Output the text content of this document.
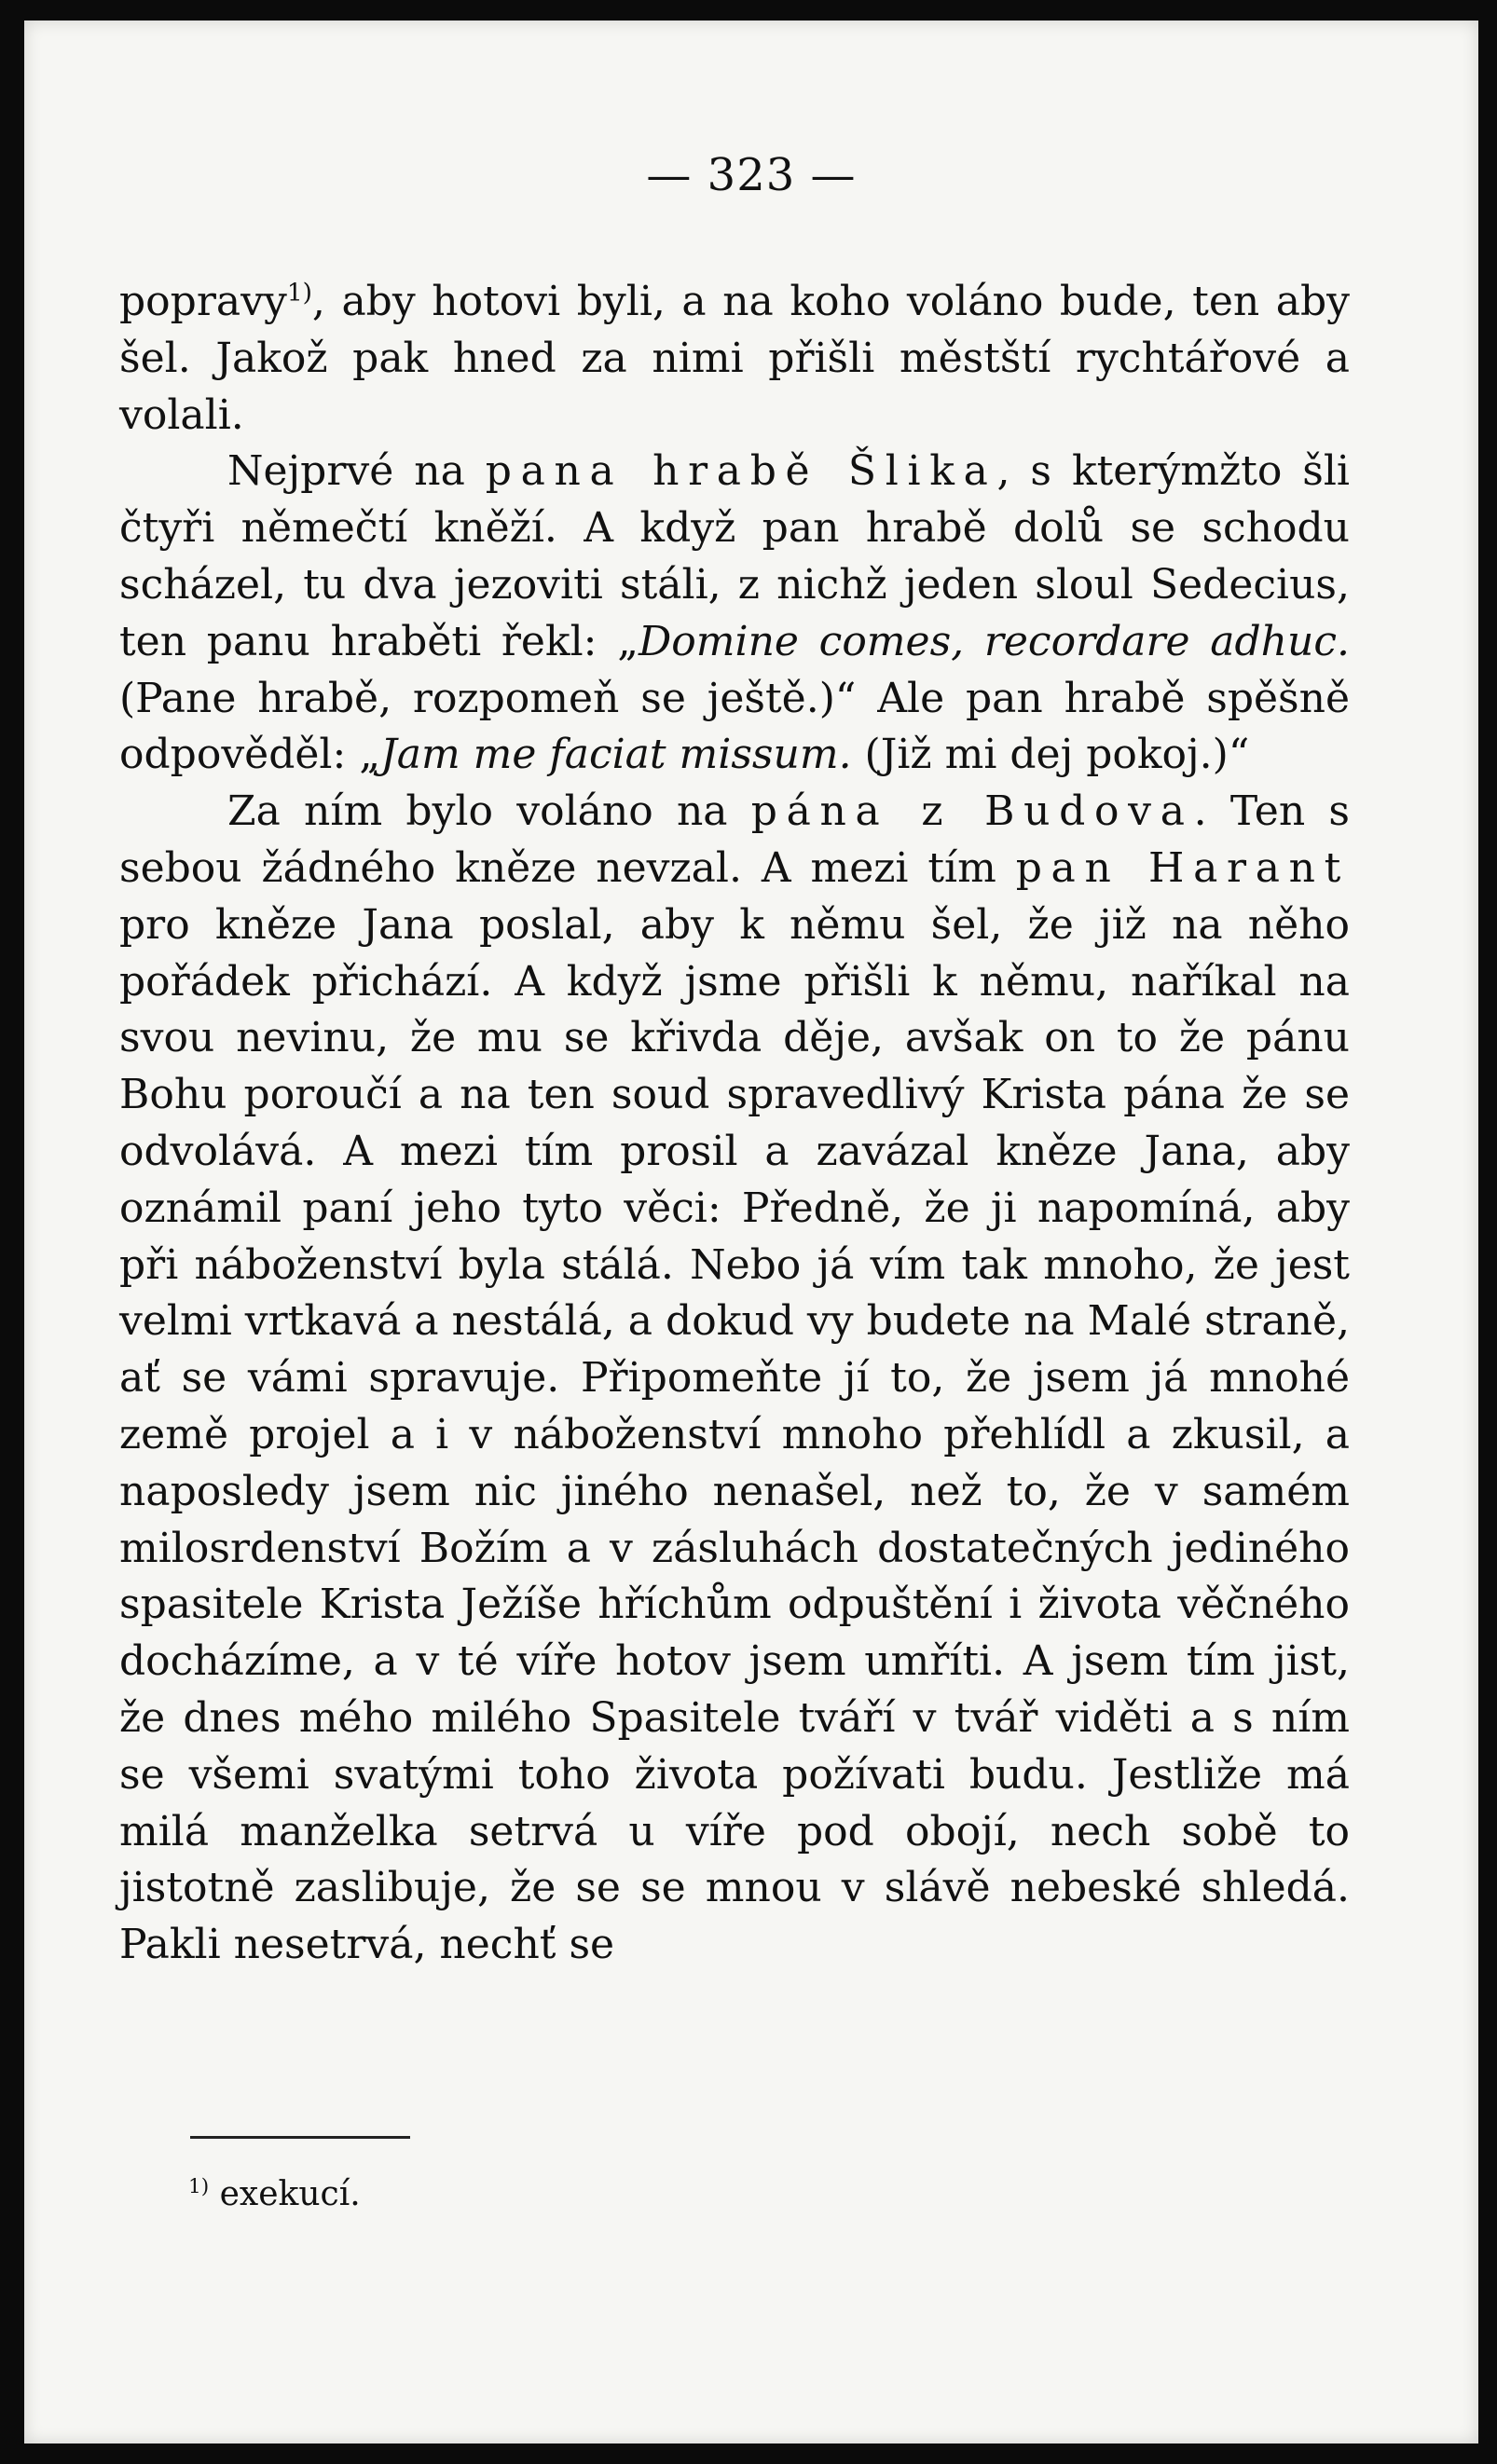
— 323 —

popravy$^{1)}$, aby hotovi byli, a na koho voláno bude, ten aby šel. Jakož pak hned za nimi přišli městští rychtářové a volali.

Nejprvé na pana hrabě Šlika, s kterýmžto šli čtyři němečtí kněží. A když pan hrabě dolů se schodu scházel, tu dva jezoviti stáli, z nichž jeden sloul Sedecius, ten panu hraběti řekl: „Domine comes, recordare adhuc. (Pane hrabě, rozpomeň se ještě.)“ Ale pan hrabě spěšně odpověděl: „Jam me faciat missum. (Již mi dej pokoj.)“

Za ním bylo voláno na pána z Budova. Ten s sebou žádného kněze nevzal. A mezi tím pan Harant pro kněze Jana poslal, aby k němu šel, že již na něho pořádek přichází. A když jsme přišli k němu, naříkal na svou nevinu, že mu se křivda děje, avšak on to že pánu Bohu poroučí a na ten soud spravedlivý Krista pána že se odvolává. A mezi tím prosil a zavázal kněze Jana, aby oznámil paní jeho tyto věci: Předně, že ji napomíná, aby při náboženství byla stálá. Nebo já vím tak mnoho, že jest velmi vrtkavá a nestálá, a dokud vy budete na Malé straně, ať se vámi spravuje. Připomeňte jí to, že jsem já mnohé země projel a i v náboženství mnoho přehlídl a zkusil, a naposledy jsem nic jiného nenašel, než to, že v samém milosrdenství Božím a v zásluhách dostatečných jediného spasitele Krista Ježíše hříchům odpuštění i života věčného docházíme, a v té víře hotov jsem umříti. A jsem tím jist, že dnes mého milého Spasitele tváří v tvář viděti a s ním se všemi svatými toho života požívati budu. Jestliže má milá manželka setrvá u víře pod obojí, nech sobě to jistotně zaslibuje, že se se mnou v slávě nebeské shledá. Pakli nesetrvá, nechť se

$^{1)}$ exekucí.
